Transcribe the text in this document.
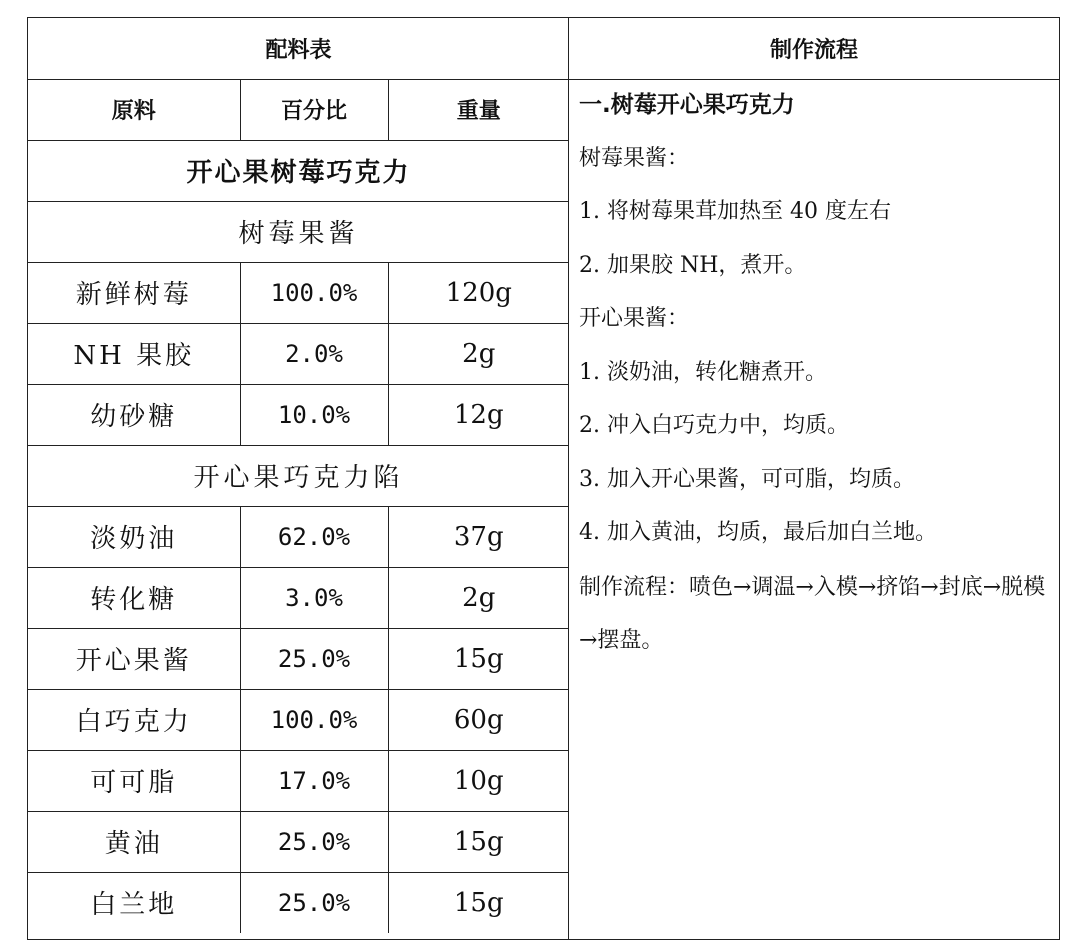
配料表		
原料	百分比	重量
开心果树莓巧克力		
树莓果酱		
新鲜树莓	100.0%	120g
NH 果胶	2.0%	2g
幼砂糖	10.0%	12g
开心果巧克力陷		
淡奶油	62.0%	37g
转化糖	3.0%	2g
开心果酱	25.0%	15g
白巧克力	100.0%	60g
可可脂	17.0%	10g
黄油	25.0%	15g
白兰地	25.0%	15g
制作流程
一.树莓开心果巧克力
树莓果酱：
1. 将树莓果茸加热至 40 度左右
2. 加果胶 NH，煮开。
开心果酱：
1. 淡奶油，转化糖煮开。
2. 冲入白巧克力中，均质。
3. 加入开心果酱，可可脂，均质。
4. 加入黄油，均质，最后加白兰地。
制作流程：喷色→调温→入模→挤馅→封底→脱模→摆盘。
